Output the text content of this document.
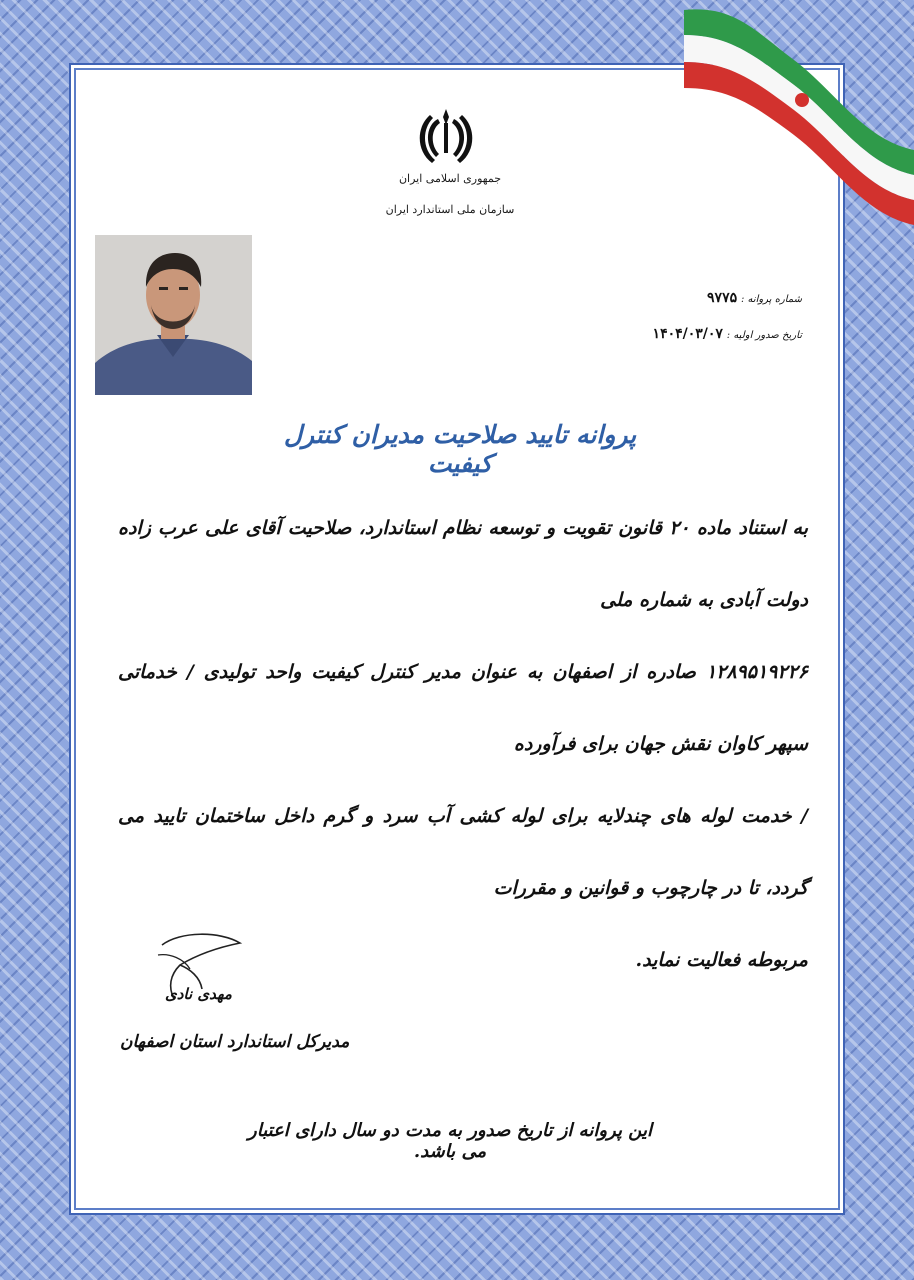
جمهوری اسلامی ایران
سازمان ملی استاندارد ایران
شماره پروانه : ۹۷۷۵
تاریخ صدور اولیه : ۱۴۰۴/۰۳/۰۷
پروانه تایید صلاحیت مدیران کنترل کیفیت

به استناد ماده ۲۰ قانون تقویت و توسعه نظام استاندارد، صلاحیت آقای علی عرب زاده دولت آبادی به شماره ملی

۱۲۸۹۵۱۹۲۲۶ صادره از اصفهان به عنوان مدیر کنترل کیفیت واحد تولیدی / خدماتی سپهر کاوان نقش جهان برای فرآورده

/ خدمت لوله های چندلایه برای لوله کشی آب سرد و گرم داخل ساختمان تایید می گردد، تا در چارچوب و قوانین و مقررات

مربوطه فعالیت نماید.

مهدی نادی
مدیرکل استاندارد استان اصفهان
این پروانه از تاریخ صدور به مدت دو سال دارای اعتبار می باشد.
